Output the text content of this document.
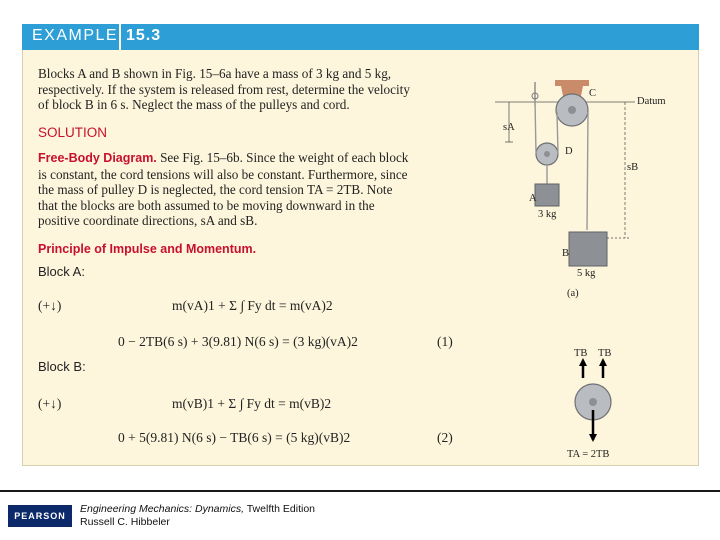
EXAMPLE 15.3
Blocks A and B shown in Fig. 15–6a have a mass of 3 kg and 5 kg,
respectively. If the system is released from rest, determine the velocity
of block B in 6 s. Neglect the mass of the pulleys and cord.
SOLUTION
Free-Body Diagram. See Fig. 15–6b. Since the weight of each block
is constant, the cord tensions will also be constant. Furthermore, since
the mass of pulley D is neglected, the cord tension TA = 2TB. Note
that the blocks are both assumed to be moving downward in the
positive coordinate directions, sA and sB.
Principle of Impulse and Momentum.
Block A:
(+↓)	m(vA)1 + Σ ∫ Fy dt = m(vA)2
0 − 2TB(6 s) + 3(9.81) N(6 s) = (3 kg)(vA)2	(1)
Block B:
(+↓)	m(vB)1 + Σ ∫ Fy dt = m(vB)2
0 + 5(9.81) N(6 s) − TB(6 s) = (5 kg)(vB)2	(2)
C
Datum
D
sA
sB
A
3 kg
B
5 kg
(a)
TB TB
TA = 2TB
PEARSON
Engineering Mechanics: Dynamics, Twelfth Edition
Russell C. Hibbeler
